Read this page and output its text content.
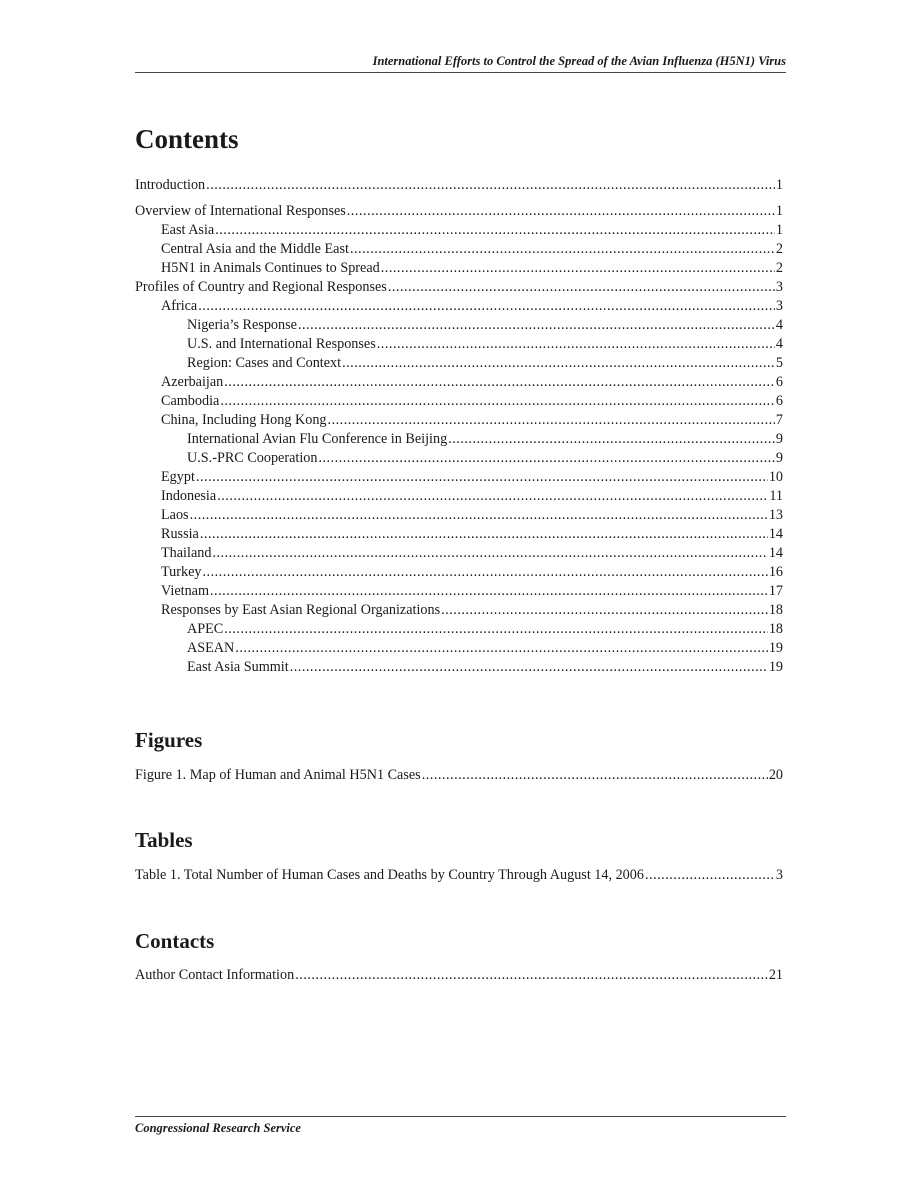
International Efforts to Control the Spread of the Avian Influenza (H5N1) Virus
Contents
Introduction .....	1
Overview of International Responses .....	1
East Asia .....	1
Central Asia and the Middle East .....	2
H5N1 in Animals Continues to Spread .....	2
Profiles of Country and Regional Responses .....	3
Africa .....	3
Nigeria’s Response .....	4
U.S. and International Responses .....	4
Region: Cases and Context .....	5
Azerbaijan .....	6
Cambodia .....	6
China, Including Hong Kong .....	7
International Avian Flu Conference in Beijing .....	9
U.S.-PRC Cooperation .....	9
Egypt .....	10
Indonesia .....	11
Laos .....	13
Russia .....	14
Thailand .....	14
Turkey .....	16
Vietnam .....	17
Responses by East Asian Regional Organizations .....	18
APEC .....	18
ASEAN .....	19
East Asia Summit .....	19
Figures
Figure 1. Map of Human and Animal H5N1 Cases .....	20
Tables
Table 1. Total Number of Human Cases and Deaths by Country Through August 14, 2006 .....	3
Contacts
Author Contact Information .....	21
Congressional Research Service
